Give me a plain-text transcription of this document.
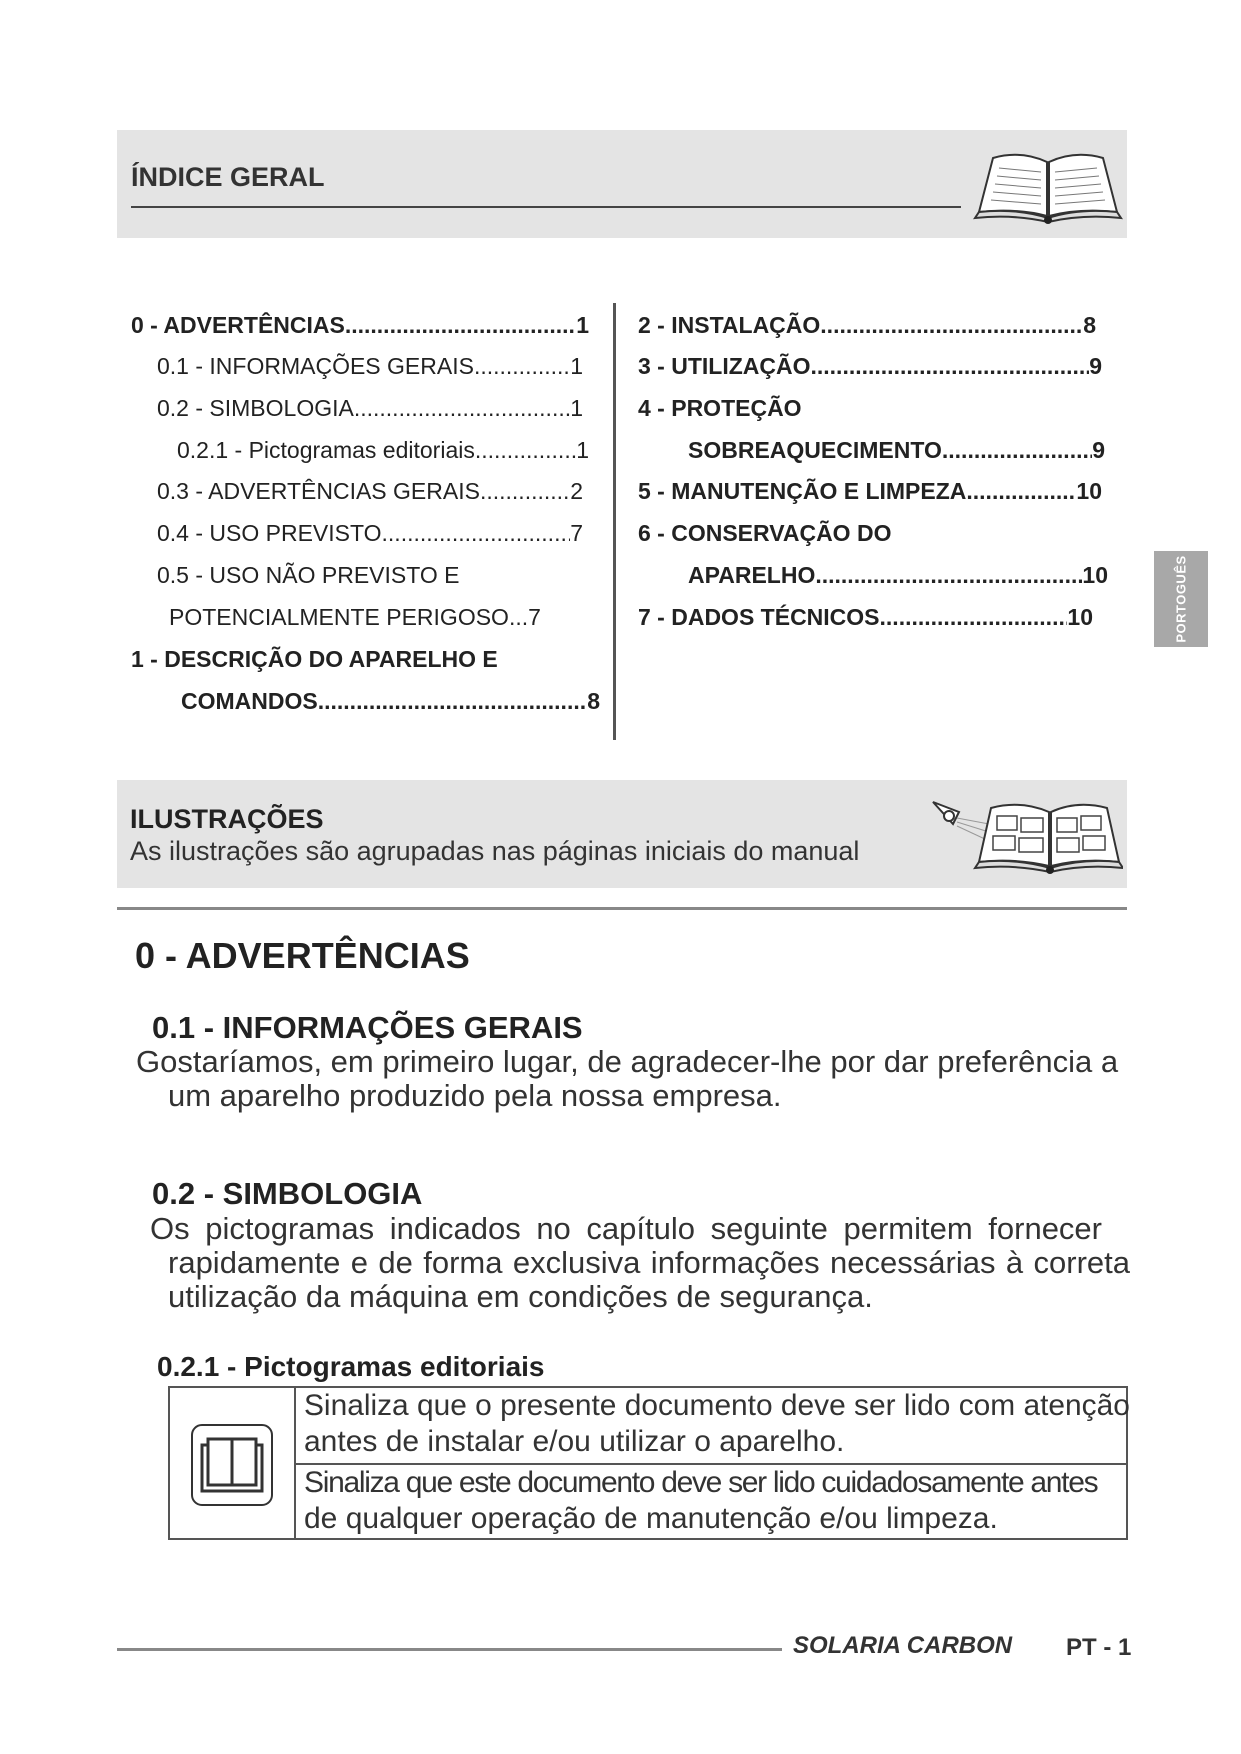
ÍNDICE GERAL
0 - ADVERTÊNCIAS .....	1
0.1 - INFORMAÇÕES GERAIS .....	1
0.2 - SIMBOLOGIA .....	1
0.2.1 - Pictogramas editoriais .....	1
0.3 - ADVERTÊNCIAS GERAIS .....	2
0.4 - USO PREVISTO .....	7
0.5 - USO NÃO PREVISTO E
POTENCIALMENTE PERIGOSO...7
1 - DESCRIÇÃO DO APARELHO E
COMANDOS .....	8
2 - INSTALAÇÃO .....	8
3 - UTILIZAÇÃO .....	9
4 - PROTEÇÃO
SOBREAQUECIMENTO .....	9
5 - MANUTENÇÃO E LIMPEZA .....	10
6 - CONSERVAÇÃO DO
APARELHO .....	10
7 - DADOS TÉCNICOS .....	10	PORTOGUÊS
ILUSTRAÇÕES
As ilustrações são agrupadas nas páginas iniciais do manual
0 - ADVERTÊNCIAS
0.1 - INFORMAÇÕES GERAIS
Gostaríamos, em primeiro lugar, de agradecer-lhe por dar preferência a
um aparelho produzido pela nossa empresa.
0.2 - SIMBOLOGIA
Os pictogramas indicados no capítulo seguinte permitem fornecer
rapidamente e de forma exclusiva informações necessárias à correta
utilização da máquina em condições de segurança.
0.2.1 - Pictogramas editoriais
Sinaliza que o presente documento deve ser lido com atenção
antes de instalar e/ou utilizar o aparelho.
Sinaliza que este documento deve ser lido cuidadosamente antes
de qualquer operação de manutenção e/ou limpeza.
SOLARIA CARBON PT - 1
